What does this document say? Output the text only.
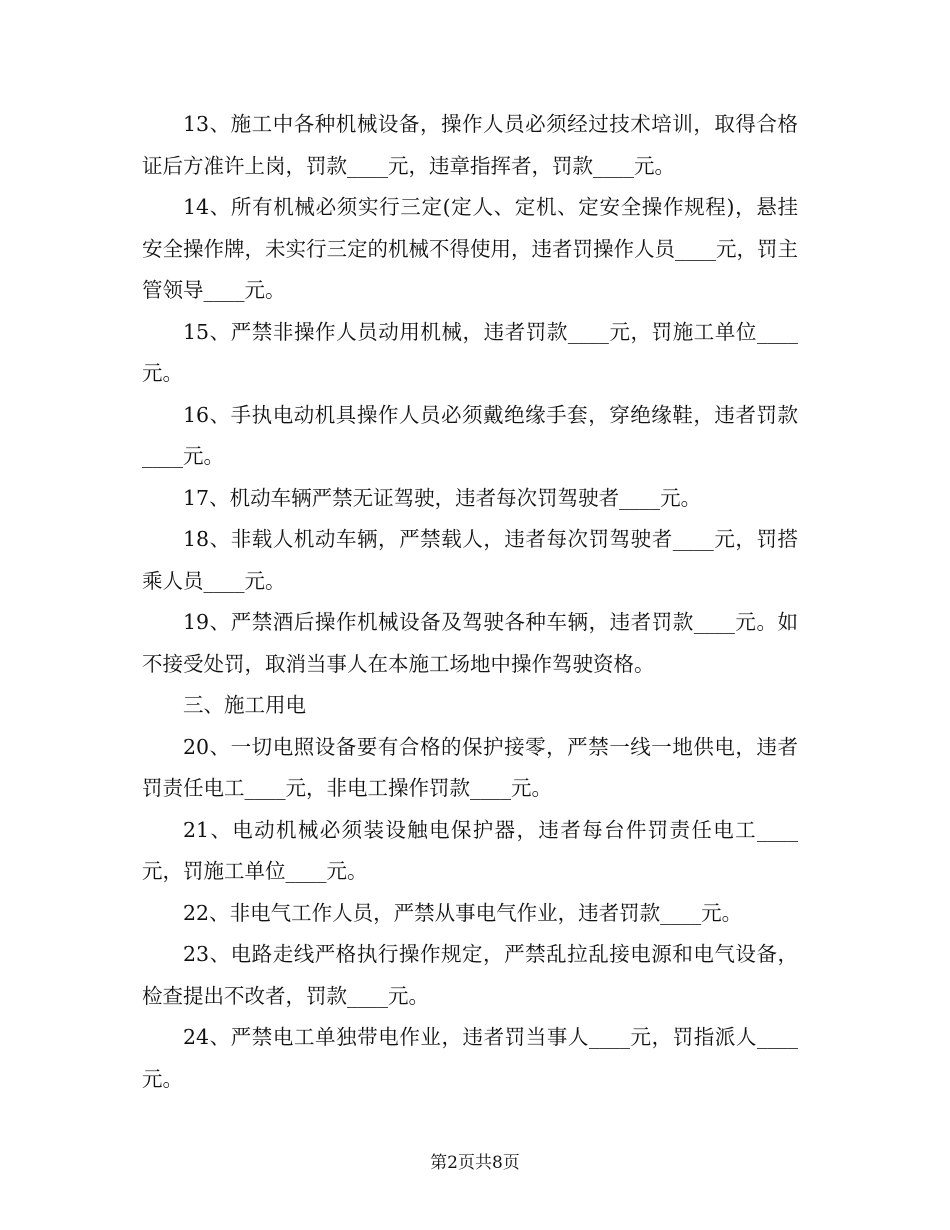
13、施工中各种机械设备，操作人员必须经过技术培训，取得合格证后方准许上岗，罚款____元，违章指挥者，罚款____元。

14、所有机械必须实行三定(定人、定机、定安全操作规程)，悬挂安全操作牌，未实行三定的机械不得使用，违者罚操作人员____元，罚主管领导____元。

15、严禁非操作人员动用机械，违者罚款____元，罚施工单位____元。

16、手执电动机具操作人员必须戴绝缘手套，穿绝缘鞋，违者罚款____元。

17、机动车辆严禁无证驾驶，违者每次罚驾驶者____元。

18、非载人机动车辆，严禁载人，违者每次罚驾驶者____元，罚搭乘人员____元。

19、严禁酒后操作机械设备及驾驶各种车辆，违者罚款____元。如不接受处罚，取消当事人在本施工场地中操作驾驶资格。

三、施工用电

20、一切电照设备要有合格的保护接零，严禁一线一地供电，违者罚责任电工____元，非电工操作罚款____元。

21、电动机械必须装设触电保护器，违者每台件罚责任电工____元，罚施工单位____元。

22、非电气工作人员，严禁从事电气作业，违者罚款____元。

23、电路走线严格执行操作规定，严禁乱拉乱接电源和电气设备，检查提出不改者，罚款____元。

24、严禁电工单独带电作业，违者罚当事人____元，罚指派人____元。

第2页共8页
